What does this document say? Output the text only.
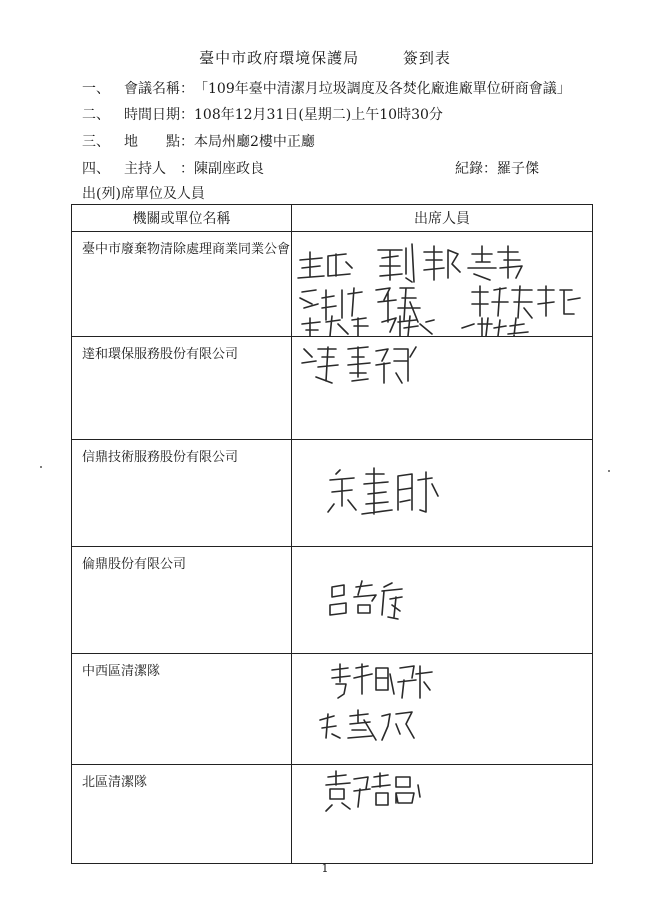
臺中市政府環境保護局	簽到表
一、 會議名稱：「109年臺中清潔月垃圾調度及各焚化廠進廠單位研商會議」
二、 時間日期：108年12月31日(星期二)上午10時30分
三、 地　　點：本局州廳2樓中正廳
四、 主持人　：陳副座政良	紀錄：羅子傑
出(列)席單位及人員
機關或單位名稱	出席人員

臺中市廢棄物清除處理商業同業公會

達和環保服務股份有限公司

信鼎技術服務股份有限公司

倫鼎股份有限公司

中西區清潔隊

北區清潔隊

1
